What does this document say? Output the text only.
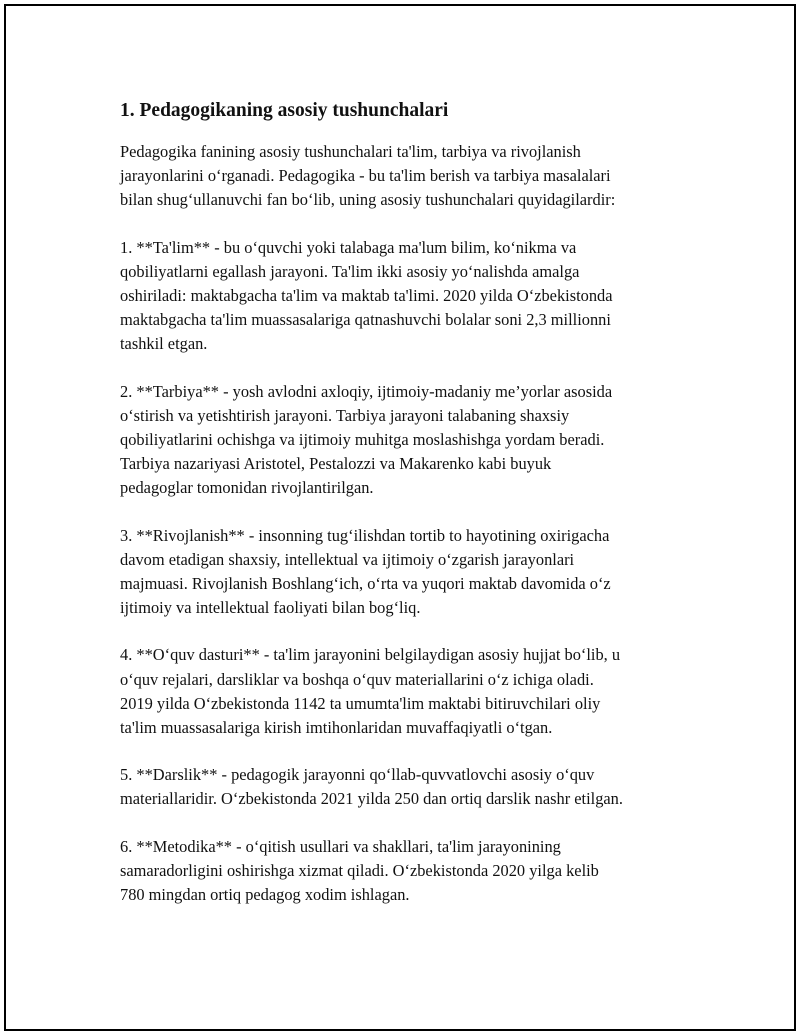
1. Pedagogikaning asosiy tushunchalari

Pedagogika fanining asosiy tushunchalari ta'lim, tarbiya va rivojlanish
jarayonlarini o‘rganadi. Pedagogika - bu ta'lim berish va tarbiya masalalari
bilan shug‘ullanuvchi fan bo‘lib, uning asosiy tushunchalari quyidagilardir:

1. **Ta'lim** - bu o‘quvchi yoki talabaga ma'lum bilim, ko‘nikma va
qobiliyatlarni egallash jarayoni. Ta'lim ikki asosiy yo‘nalishda amalga
oshiriladi: maktabgacha ta'lim va maktab ta'limi. 2020 yilda O‘zbekistonda
maktabgacha ta'lim muassasalariga qatnashuvchi bolalar soni 2,3 millionni
tashkil etgan.

2. **Tarbiya** - yosh avlodni axloqiy, ijtimoiy-madaniy me’yorlar asosida
o‘stirish va yetishtirish jarayoni. Tarbiya jarayoni talabaning shaxsiy
qobiliyatlarini ochishga va ijtimoiy muhitga moslashishga yordam beradi.
Tarbiya nazariyasi Aristotel, Pestalozzi va Makarenko kabi buyuk
pedagoglar tomonidan rivojlantirilgan.

3. **Rivojlanish** - insonning tug‘ilishdan tortib to hayotining oxirigacha
davom etadigan shaxsiy, intellektual va ijtimoiy o‘zgarish jarayonlari
majmuasi. Rivojlanish Boshlang‘ich, o‘rta va yuqori maktab davomida o‘z
ijtimoiy va intellektual faoliyati bilan bog‘liq.

4. **O‘quv dasturi** - ta'lim jarayonini belgilaydigan asosiy hujjat bo‘lib, u
o‘quv rejalari, darsliklar va boshqa o‘quv materiallarini o‘z ichiga oladi.
2019 yilda O‘zbekistonda 1142 ta umumta'lim maktabi bitiruvchilari oliy
ta'lim muassasalariga kirish imtihonlaridan muvaffaqiyatli o‘tgan.

5. **Darslik** - pedagogik jarayonni qo‘llab-quvvatlovchi asosiy o‘quv
materiallaridir. O‘zbekistonda 2021 yilda 250 dan ortiq darslik nashr etilgan.

6. **Metodika** - o‘qitish usullari va shakllari, ta'lim jarayonining
samaradorligini oshirishga xizmat qiladi. O‘zbekistonda 2020 yilga kelib
780 mingdan ortiq pedagog xodim ishlagan.
